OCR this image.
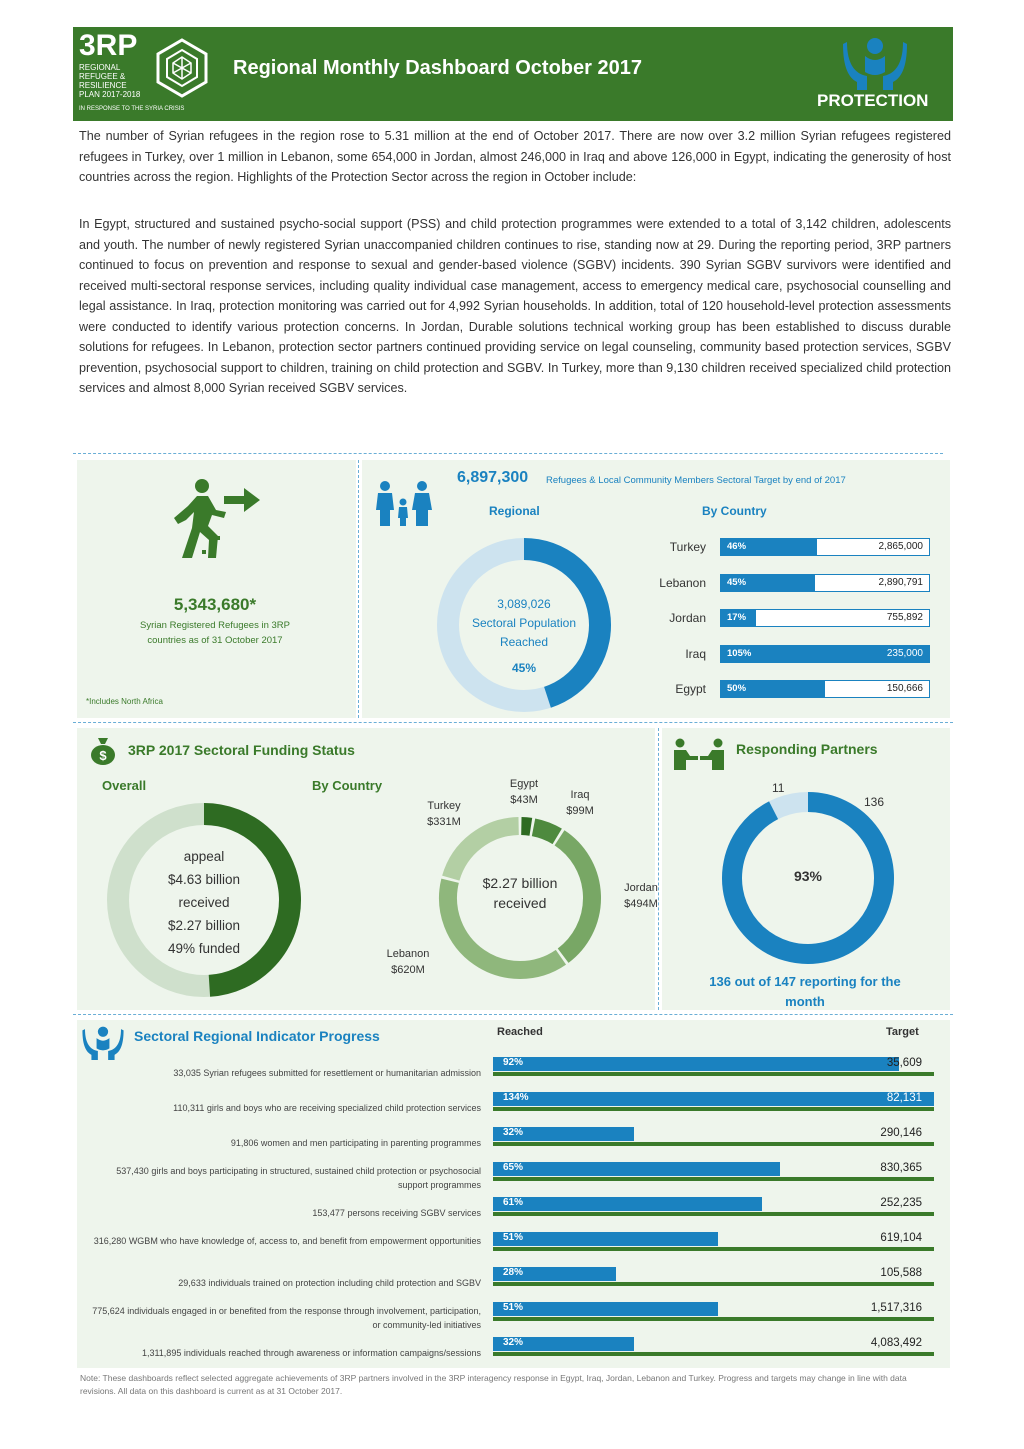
3RP
REGIONAL REFUGEE & RESILIENCE PLAN 2017-2018
IN RESPONSE TO THE SYRIA CRISIS
Regional Monthly Dashboard October 2017
PROTECTION
The number of Syrian refugees in the region rose to 5.31 million at the end of October 2017. There are now over 3.2 million Syrian refugees registered refugees in Turkey, over 1 million in Lebanon, some 654,000 in Jordan, almost 246,000 in Iraq and above 126,000 in Egypt, indicating the generosity of host countries across the region. Highlights of the Protection Sector across the region in October include:
In Egypt, structured and sustained psycho-social support (PSS) and child protection programmes were extended to a total of 3,142 children, adolescents and youth. The number of newly registered Syrian unaccompanied children continues to rise, standing now at 29. During the reporting period, 3RP partners continued to focus on prevention and response to sexual and gender-based violence (SGBV) incidents. 390 Syrian SGBV survivors were identified and received multi-sectoral response services, including quality individual case management, access to emergency medical care, psychosocial counselling and legal assistance. In Iraq, protection monitoring was carried out for 4,992 Syrian households. In addition, total of 120 household-level protection assessments were conducted to identify various protection concerns. In Jordan, Durable solutions technical working group has been established to discuss durable solutions for refugees. In Lebanon, protection sector partners continued providing service on legal counseling, community based protection services, SGBV prevention, psychosocial support to children, training on child protection and SGBV. In Turkey, more than 9,130 children received specialized child protection services and almost 8,000 Syrian received SGBV services.
5,343,680*
Syrian Registered Refugees in 3RP countries as of 31 October 2017
*Includes North Africa
6,897,300 Refugees & Local Community Members Sectoral Target by end of 2017
Regional	By Country
3,089,026
Sectoral Population
Reached
45%
Turkey 46%	2,865,000
Lebanon 45%	2,890,791
Jordan 17%	755,892
Iraq 105%	235,000
Egypt 50%	150,666
$ 3RP 2017 Sectoral Funding Status
Overall	By Country
appeal
$4.63 billion
received
$2.27 billion
49% funded
$2.27 billion
received
Egypt
$43M	Iraq
$99M
Jordan
$494M
Lebanon
$620M
Turkey
$331M
Responding Partners
11
136
93%
136 out of 147 reporting for the month
Sectoral Regional Indicator Progress	Reached	Target
33,035 Syrian refugees submitted for resettlement or humanitarian admission
92%	35,609
110,311 girls and boys who are receiving specialized child protection services
134%	82,131
91,806 women and men participating in parenting programmes
32%	290,146
537,430 girls and boys participating in structured, sustained child protection or psychosocial support programmes
65%	830,365
153,477 persons receiving SGBV services
61%	252,235
316,280 WGBM who have knowledge of, access to, and benefit from empowerment opportunities 51%	619,104
29,633 individuals trained on protection including child protection and SGBV
28%	105,588
775,624 individuals engaged in or benefited from the response through involvement, participation, or community-led initiatives
51%	1,517,316
1,311,895 individuals reached through awareness or information campaigns/sessions
32%	4,083,492
Note: These dashboards reflect selected aggregate achievements of 3RP partners involved in the 3RP interagency response in Egypt, Iraq, Jordan, Lebanon and Turkey. Progress and targets may change in line with data revisions. All data on this dashboard is current as at 31 October 2017.
